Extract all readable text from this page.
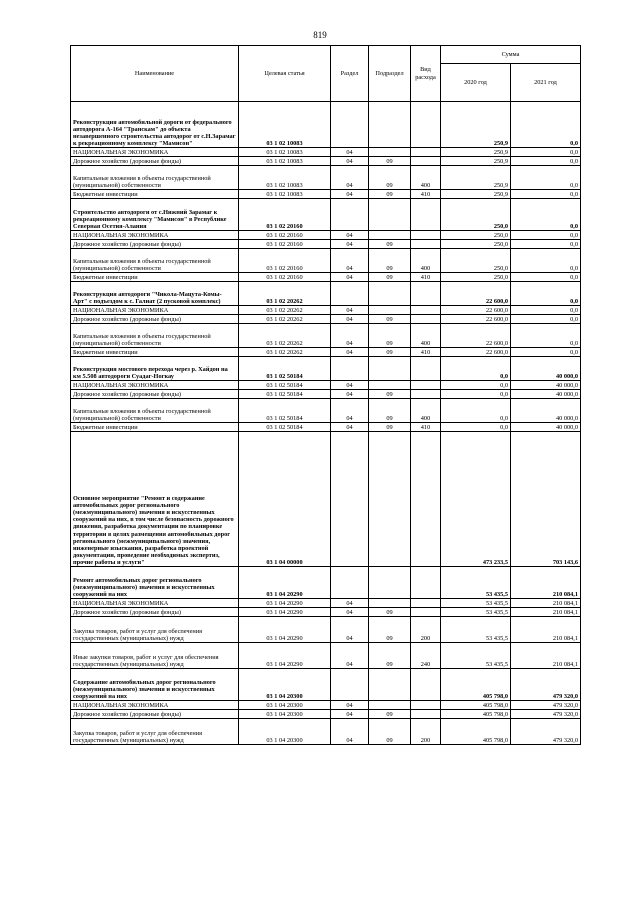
819
Наименование	Целевая статья	Раздел	Подраздел	Вид расхода	Сумма	
					2020 год	2021 год
Реконструкция автомобильной дороги от федерального автодорога А-164 "Транскам" до объекта незавершенного строительства автодорог от с.Н.Зарамаг к рекреационному комплексу "Мамисон"	03 1 02 10083				250,9	0,0
НАЦИОНАЛЬНАЯ ЭКОНОМИКА	03 1 02 10083	04			250,9	0,0
Дорожное хозяйство (дорожные фонды)	03 1 02 10083	04	09		250,9	0,0
Капитальные вложения в объекты государственной (муниципальной) собственности	03 1 02 10083	04	09	400	250,9	0,0
Бюджетные инвестиции	03 1 02 10083	04	09	410	250,9	0,0
Строительство автодороги от с.Нижний Зарамаг к рекреационному комплексу "Мамисон" в Республике Северная Осетия-Алания	03 1 02 20160				250,0	0,0
НАЦИОНАЛЬНАЯ ЭКОНОМИКА	03 1 02 20160	04			250,0	0,0
Дорожное хозяйство (дорожные фонды)	03 1 02 20160	04	09		250,0	0,0
Капитальные вложения в объекты государственной (муниципальной) собственности	03 1 02 20160	04	09	400	250,0	0,0
Бюджетные инвестиции	03 1 02 20160	04	09	410	250,0	0,0
Реконструкция автодороги "Чикола-Мацута-Комы-Арт" с подъездом к с. Галиат (2 пусковой комплекс)	03 1 02 20262				22 600,0	0,0
НАЦИОНАЛЬНАЯ ЭКОНОМИКА	03 1 02 20262	04			22 600,0	0,0
Дорожное хозяйство (дорожные фонды)	03 1 02 20262	04	09		22 600,0	0,0
Капитальные вложения в объекты государственной (муниципальной) собственности	03 1 02 20262	04	09	400	22 600,0	0,0
Бюджетные инвестиции	03 1 02 20262	04	09	410	22 600,0	0,0
Реконструкция мостового перехода через р. Хайдон на км 5.508 автодороги Суадаг-Ногкау	03 1 02 50184				0,0	40 000,0
НАЦИОНАЛЬНАЯ ЭКОНОМИКА	03 1 02 50184	04			0,0	40 000,0
Дорожное хозяйство (дорожные фонды)	03 1 02 50184	04	09		0,0	40 000,0
Капитальные вложения в объекты государственной (муниципальной) собственности	03 1 02 50184	04	09	400	0,0	40 000,0
Бюджетные инвестиции	03 1 02 50184	04	09	410	0,0	40 000,0
Основное мероприятие "Ремонт и содержание автомобильных дорог регионального (межмуниципального) значения и искусственных сооружений на них, в том числе безопасность дорожного движения, разработка документации по планировке территории в целях размещения автомобильных дорог регионального (межмуниципального) значения, инженерные изыскания, разработка проектной документации, проведение необходимых экспертиз, прочие работы и услуги"	03 1 04 00000				473 233,5	703 143,6
Ремонт автомобильных дорог регионального (межмуниципального) значения и искусственных сооружений на них	03 1 04 20290				53 435,5	210 084,1
НАЦИОНАЛЬНАЯ ЭКОНОМИКА	03 1 04 20290	04			53 435,5	210 084,1
Дорожное хозяйство (дорожные фонды)	03 1 04 20290	04	09		53 435,5	210 084,1
Закупка товаров, работ и услуг для обеспечения государственных (муниципальных) нужд	03 1 04 20290	04	09	200	53 435,5	210 084,1
Иные закупки товаров, работ и услуг для обеспечения государственных (муниципальных) нужд	03 1 04 20290	04	09	240	53 435,5	210 084,1
Содержание автомобильных дорог регионального (межмуниципального) значения и искусственных сооружений на них	03 1 04 20300				405 798,0	479 320,0
НАЦИОНАЛЬНАЯ ЭКОНОМИКА	03 1 04 20300	04			405 798,0	479 320,0
Дорожное хозяйство (дорожные фонды)	03 1 04 20300	04	09		405 798,0	479 320,0
Закупка товаров, работ и услуг для обеспечения государственных (муниципальных) нужд	03 1 04 20300	04	09	200	405 798,0	479 320,0
